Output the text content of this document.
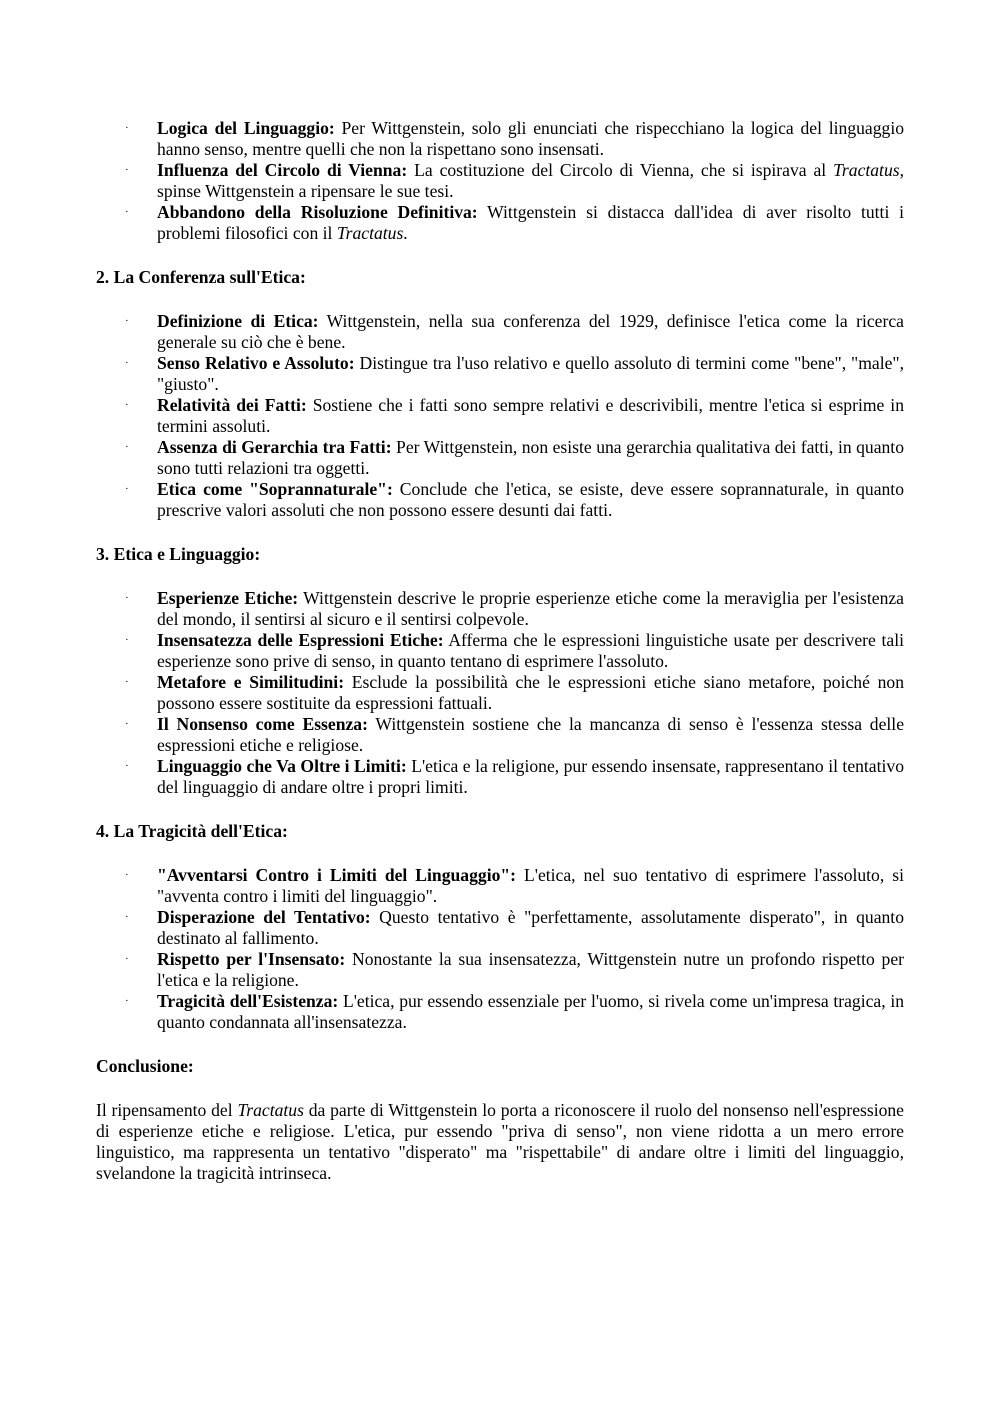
· Logica del Linguaggio: Per Wittgenstein, solo gli enunciati che rispecchiano la logica del linguaggio hanno senso, mentre quelli che non la rispettano sono insensati.
· Influenza del Circolo di Vienna: La costituzione del Circolo di Vienna, che si ispirava al Tractatus, spinse Wittgenstein a ripensare le sue tesi.
· Abbandono della Risoluzione Definitiva: Wittgenstein si distacca dall'idea di aver risolto tutti i problemi filosofici con il Tractatus.
2. La Conferenza sull'Etica:
· Definizione di Etica: Wittgenstein, nella sua conferenza del 1929, definisce l'etica come la ricerca generale su ciò che è bene.
· Senso Relativo e Assoluto: Distingue tra l'uso relativo e quello assoluto di termini come "bene", "male", "giusto".
· Relatività dei Fatti: Sostiene che i fatti sono sempre relativi e descrivibili, mentre l'etica si esprime in termini assoluti.
· Assenza di Gerarchia tra Fatti: Per Wittgenstein, non esiste una gerarchia qualitativa dei fatti, in quanto sono tutti relazioni tra oggetti.
· Etica come "Soprannaturale": Conclude che l'etica, se esiste, deve essere soprannaturale, in quanto prescrive valori assoluti che non possono essere desunti dai fatti.
3. Etica e Linguaggio:
· Esperienze Etiche: Wittgenstein descrive le proprie esperienze etiche come la meraviglia per l'esistenza del mondo, il sentirsi al sicuro e il sentirsi colpevole.
· Insensatezza delle Espressioni Etiche: Afferma che le espressioni linguistiche usate per descrivere tali esperienze sono prive di senso, in quanto tentano di esprimere l'assoluto.
· Metafore e Similitudini: Esclude la possibilità che le espressioni etiche siano metafore, poiché non possono essere sostituite da espressioni fattuali.
· Il Nonsenso come Essenza: Wittgenstein sostiene che la mancanza di senso è l'essenza stessa delle espressioni etiche e religiose.
· Linguaggio che Va Oltre i Limiti: L'etica e la religione, pur essendo insensate, rappresentano il tentativo del linguaggio di andare oltre i propri limiti.
4. La Tragicità dell'Etica:
· "Avventarsi Contro i Limiti del Linguaggio": L'etica, nel suo tentativo di esprimere l'assoluto, si "avventa contro i limiti del linguaggio".
· Disperazione del Tentativo: Questo tentativo è "perfettamente, assolutamente disperato", in quanto destinato al fallimento.
· Rispetto per l'Insensato: Nonostante la sua insensatezza, Wittgenstein nutre un profondo rispetto per l'etica e la religione.
· Tragicità dell'Esistenza: L'etica, pur essendo essenziale per l'uomo, si rivela come un'impresa tragica, in quanto condannata all'insensatezza.
Conclusione:

Il ripensamento del Tractatus da parte di Wittgenstein lo porta a riconoscere il ruolo del nonsenso nell'espressione di esperienze etiche e religiose. L'etica, pur essendo "priva di senso", non viene ridotta a un mero errore linguistico, ma rappresenta un tentativo "disperato" ma "rispettabile" di andare oltre i limiti del linguaggio, svelandone la tragicità intrinseca.
